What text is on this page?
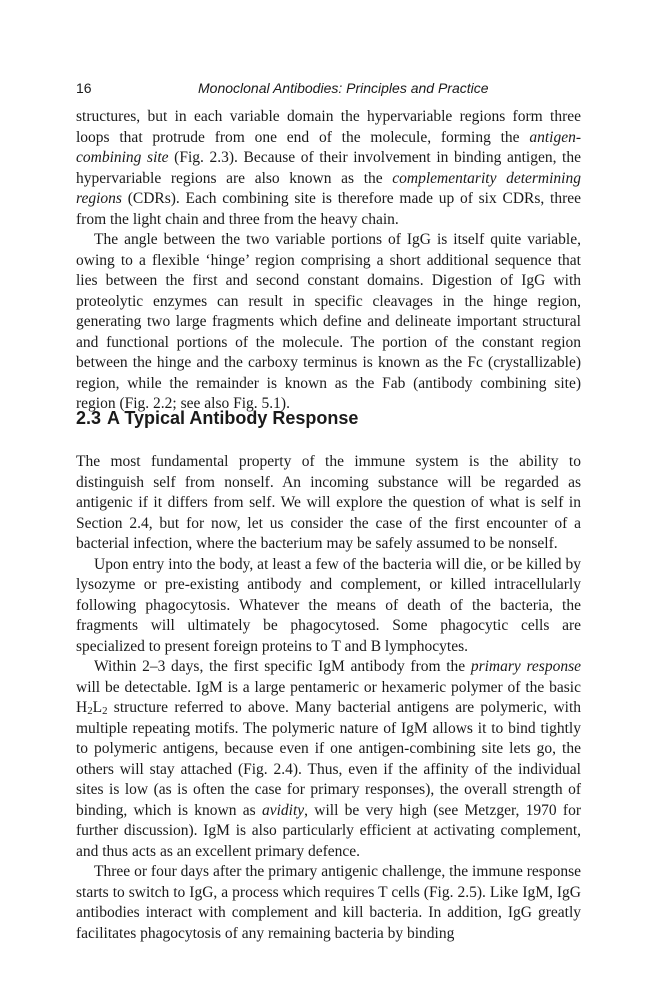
16	Monoclonal Antibodies: Principles and Practice

structures, but in each variable domain the hypervariable regions form three loops that protrude from one end of the molecule, forming the antigen-combining site (Fig. 2.3). Because of their involvement in binding antigen, the hypervariable regions are also known as the complementarity determining regions (CDRs). Each combining site is therefore made up of six CDRs, three from the light chain and three from the heavy chain.

The angle between the two variable portions of IgG is itself quite variable, owing to a flexible ‘hinge’ region comprising a short additional sequence that lies between the first and second constant domains. Digestion of IgG with proteolytic enzymes can result in specific cleavages in the hinge region, generating two large fragments which define and delineate important structural and functional portions of the molecule. The portion of the constant region between the hinge and the carboxy terminus is known as the Fc (crystallizable) region, while the remainder is known as the Fab (antibody combining site) region (Fig. 2.2; see also Fig. 5.1).

2.3 A Typical Antibody Response

The most fundamental property of the immune system is the ability to distinguish self from nonself. An incoming substance will be regarded as antigenic if it differs from self. We will explore the question of what is self in Section 2.4, but for now, let us consider the case of the first encounter of a bacterial infection, where the bacterium may be safely assumed to be nonself.

Upon entry into the body, at least a few of the bacteria will die, or be killed by lysozyme or pre-existing antibody and complement, or killed intracellularly following phagocytosis. Whatever the means of death of the bacteria, the fragments will ultimately be phagocytosed. Some phagocytic cells are specialized to present foreign proteins to T and B lymphocytes.

Within 2–3 days, the first specific IgM antibody from the primary response will be detectable. IgM is a large pentameric or hexameric polymer of the basic $H_2L_2$ structure referred to above. Many bacterial antigens are polymeric, with multiple repeating motifs. The polymeric nature of IgM allows it to bind tightly to polymeric antigens, because even if one antigen-combining site lets go, the others will stay attached (Fig. 2.4). Thus, even if the affinity of the individual sites is low (as is often the case for primary responses), the overall strength of binding, which is known as avidity, will be very high (see Metzger, 1970 for further discussion). IgM is also particularly efficient at activating complement, and thus acts as an excellent primary defence.

Three or four days after the primary antigenic challenge, the immune response starts to switch to IgG, a process which requires T cells (Fig. 2.5). Like IgM, IgG antibodies interact with complement and kill bacteria. In addition, IgG greatly facilitates phagocytosis of any remaining bacteria by binding
